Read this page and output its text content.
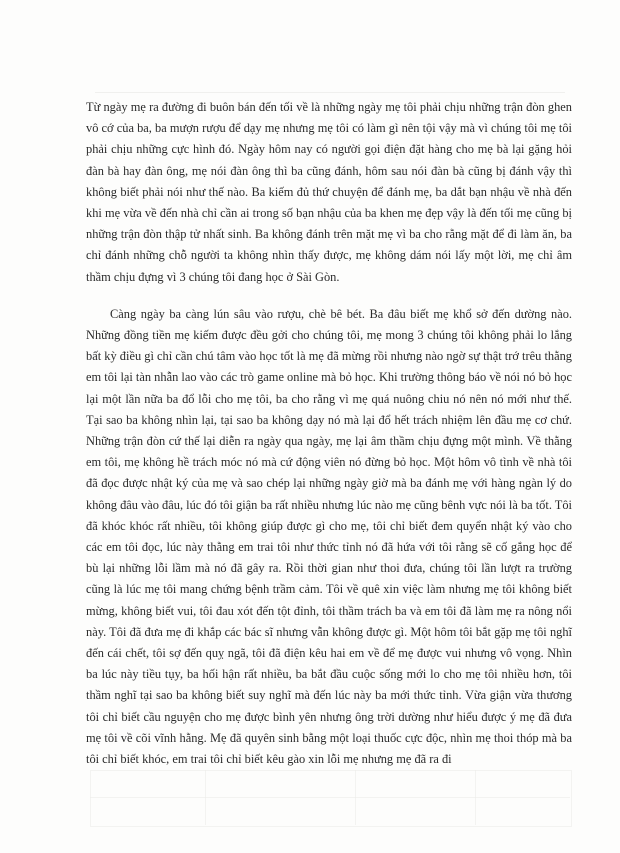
Từ ngày mẹ ra đường đi buôn bán đến tối về là những ngày mẹ tôi phải chịu những trận đòn ghen vô cớ của ba, ba mượn rượu để dạy mẹ nhưng mẹ tôi có làm gì nên tội vậy mà vì chúng tôi mẹ tôi phải chịu những cực hình đó. Ngày hôm nay có người gọi điện đặt hàng cho mẹ bà lại gặng hỏi đàn bà hay đàn ông, mẹ nói đàn ông thì ba cũng đánh, hôm sau nói đàn bà cũng bị đánh vậy thì không biết phải nói như thế nào. Ba kiếm đủ thứ chuyện để đánh mẹ, ba dắt bạn nhậu về nhà đến khi mẹ vừa về đến nhà chỉ cần ai trong số bạn nhậu của ba khen mẹ đẹp vậy là đến tối mẹ cũng bị những trận đòn thập tử nhất sinh. Ba không đánh trên mặt mẹ vì ba cho rằng mặt để đi làm ăn, ba chỉ đánh những chỗ người ta không nhìn thấy được, mẹ không dám nói lấy một lời, mẹ chỉ âm thầm chịu đựng vì 3 chúng tôi đang học ở Sài Gòn.

Càng ngày ba càng lún sâu vào rượu, chè bê bét. Ba đâu biết mẹ khổ sở đến dường nào. Những đồng tiền mẹ kiếm được đều gởi cho chúng tôi, mẹ mong 3 chúng tôi không phải lo lắng bất kỳ điều gì chỉ cần chú tâm vào học tốt là mẹ đã mừng rồi nhưng nào ngờ sự thật trớ trêu thằng em tôi lại tàn nhẫn lao vào các trò game online mà bỏ học. Khi trường thông báo về nói nó bỏ học lại một lần nữa ba đổ lỗi cho mẹ tôi, ba cho rằng vì mẹ quá nuông chiu nó nên nó mới như thế. Tại sao ba không nhìn lại, tại sao ba không dạy nó mà lại đổ hết trách nhiệm lên đầu mẹ cơ chứ. Những trận đòn cứ thế lại diễn ra ngày qua ngày, mẹ lại âm thầm chịu đựng một mình. Về thằng em tôi, mẹ không hề trách móc nó mà cứ động viên nó đừng bỏ học. Một hôm vô tình về nhà tôi đã đọc được nhật ký của mẹ và sao chép lại những ngày giờ mà ba đánh mẹ với hàng ngàn lý do không đâu vào đâu, lúc đó tôi giận ba rất nhiều nhưng lúc nào mẹ cũng bênh vực nói là ba tốt. Tôi đã khóc khóc rất nhiều, tôi không giúp được gì cho mẹ, tôi chỉ biết đem quyển nhật ký vào cho các em tôi đọc, lúc này thằng em trai tôi như thức tỉnh nó đã hứa với tôi rằng sẽ cố gắng học để bù lại những lỗi lầm mà nó đã gây ra. Rồi thời gian như thoi đưa, chúng tôi lần lượt ra trường cũng là lúc mẹ tôi mang chứng bệnh trầm cảm. Tôi về quê xin việc làm nhưng mẹ tôi không biết mừng, không biết vui, tôi đau xót đến tột đỉnh, tôi thầm trách ba và em tôi đã làm mẹ ra nông nổi này. Tôi đã đưa mẹ đi khắp các bác sĩ nhưng vẫn không được gì. Một hôm tôi bắt gặp mẹ tôi nghĩ đến cái chết, tôi sợ đến quỵ ngã, tôi đã điện kêu hai em về để mẹ được vui nhưng vô vọng. Nhìn ba lúc này tiều tụy, ba hối hận rất nhiều, ba bắt đầu cuộc sống mới lo cho mẹ tôi nhiều hơn, tôi thầm nghĩ tại sao ba không biết suy nghĩ mà đến lúc này ba mới thức tỉnh. Vừa giận vừa thương tôi chỉ biết cầu nguyện cho mẹ được bình yên nhưng ông trời dường như hiểu được ý mẹ đã đưa mẹ tôi về cõi vĩnh hằng. Mẹ đã quyên sinh bằng một loại thuốc cực độc, nhìn mẹ thoi thóp mà ba tôi chỉ biết khóc, em trai tôi chỉ biết kêu gào xin lỗi mẹ nhưng mẹ đã ra đi
